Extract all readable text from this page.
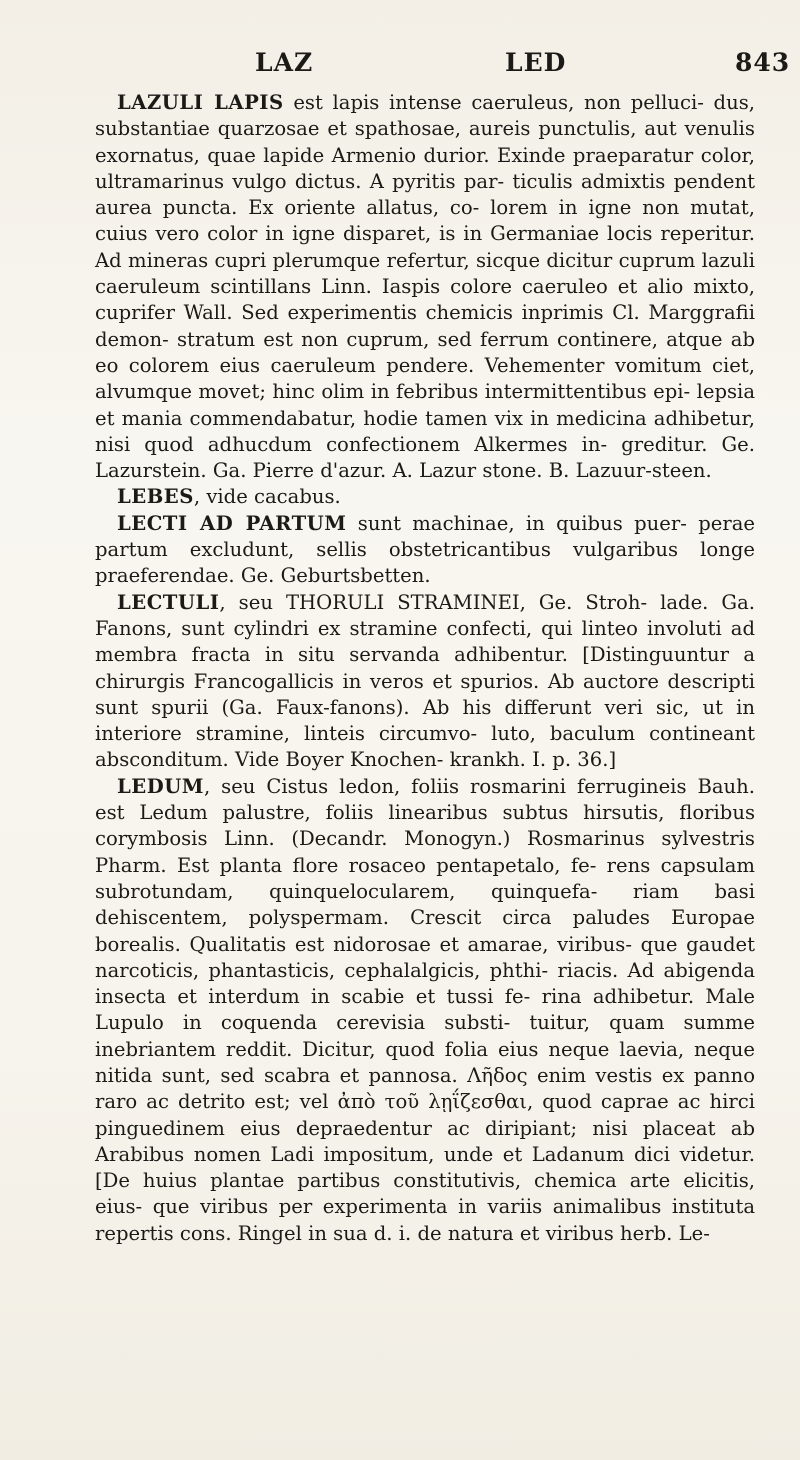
LAZ	LED	843

LAZULI LAPIS est lapis intense caeruleus, non pelluci- dus, substantiae quarzosae et spathosae, aureis punctulis, aut venulis exornatus, quae lapide Armenio durior. Exinde praeparatur color, ultramarinus vulgo dictus. A pyritis par- ticulis admixtis pendent aurea puncta. Ex oriente allatus, co- lorem in igne non mutat, cuius vero color in igne disparet, is in Germaniae locis reperitur. Ad mineras cupri plerumque refertur, sicque dicitur cuprum lazuli caeruleum scintillans Linn. Iaspis colore caeruleo et alio mixto, cuprifer Wall. Sed experimentis chemicis inprimis Cl. Marggrafii demon- stratum est non cuprum, sed ferrum continere, atque ab eo colorem eius caeruleum pendere. Vehementer vomitum ciet, alvumque movet; hinc olim in febribus intermittentibus epi- lepsia et mania commendabatur, hodie tamen vix in medicina adhibetur, nisi quod adhucdum confectionem Alkermes in- greditur. Ge. Lazurstein. Ga. Pierre d'azur. A. Lazur stone. B. Lazuur-steen.

LEBES, vide cacabus.

LECTI AD PARTUM sunt machinae, in quibus puer- perae partum excludunt, sellis obstetricantibus vulgaribus longe praeferendae. Ge. Geburtsbetten.

LECTULI, seu THORULI STRAMINEI, Ge. Stroh- lade. Ga. Fanons, sunt cylindri ex stramine confecti, qui linteo involuti ad membra fracta in situ servanda adhibentur. [Distinguuntur a chirurgis Francogallicis in veros et spurios. Ab auctore descripti sunt spurii (Ga. Faux-fanons). Ab his differunt veri sic, ut in interiore stramine, linteis circumvo- luto, baculum contineant absconditum. Vide Boyer Knochen- krankh. I. p. 36.]

LEDUM, seu Cistus ledon, foliis rosmarini ferrugineis Bauh. est Ledum palustre, foliis linearibus subtus hirsutis, floribus corymbosis Linn. (Decandr. Monogyn.) Rosmarinus sylvestris Pharm. Est planta flore rosaceo pentapetalo, fe- rens capsulam subrotundam, quinquelocularem, quinquefa- riam basi dehiscentem, polyspermam. Crescit circa paludes Europae borealis. Qualitatis est nidorosae et amarae, viribus- que gaudet narcoticis, phantasticis, cephalalgicis, phthi- riacis. Ad abigenda insecta et interdum in scabie et tussi fe- rina adhibetur. Male Lupulo in coquenda cerevisia substi- tuitur, quam summe inebriantem reddit. Dicitur, quod folia eius neque laevia, neque nitida sunt, sed scabra et pannosa. Λῆδος enim vestis ex panno raro ac detrito est; vel ἀπὸ τοῦ λῃΐζεσθαι, quod caprae ac hirci pinguedinem eius depraedentur ac diripiant; nisi placeat ab Arabibus nomen Ladi impositum, unde et Ladanum dici videtur. [De huius plantae partibus constitutivis, chemica arte elicitis, eius- que viribus per experimenta in variis animalibus instituta repertis cons. Ringel in sua d. i. de natura et viribus herb. Le-
